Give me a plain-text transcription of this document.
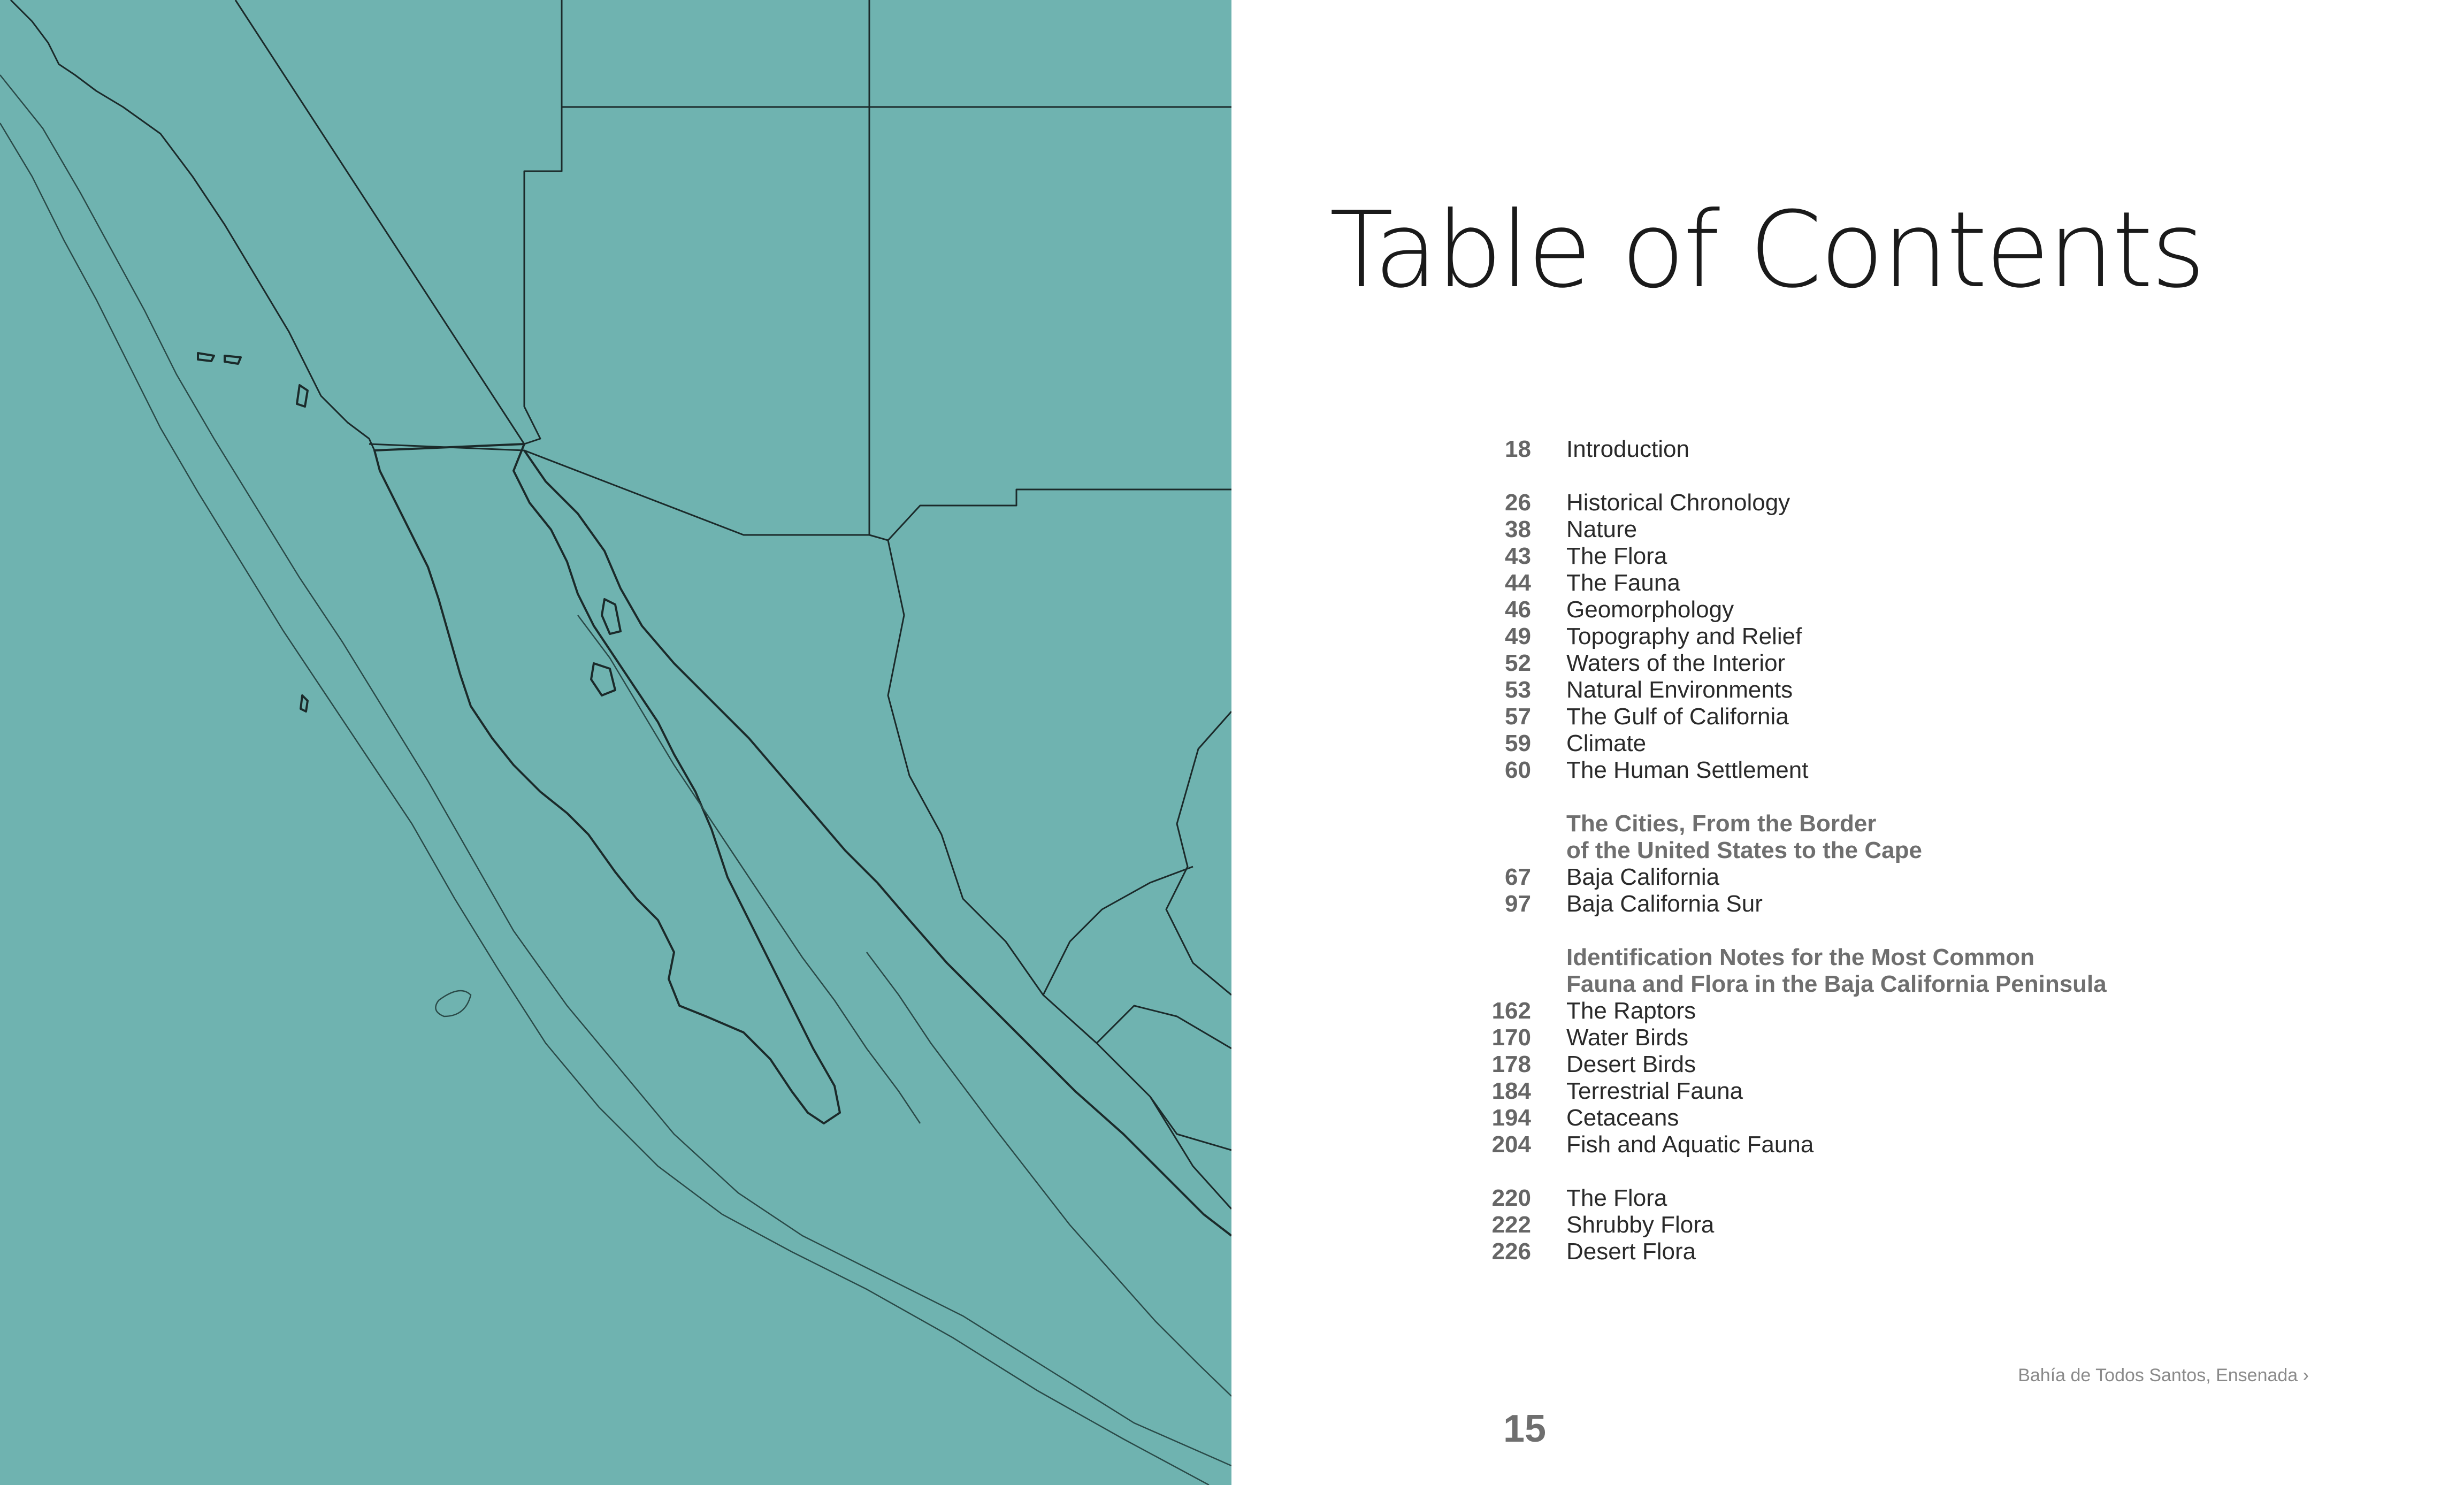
Table of Contents
18 Introduction
26 Historical Chronology
38 Nature
43 The Flora
44 The Fauna
46 Geomorphology
49 Topography and Relief
52 Waters of the Interior
53 Natural Environments
57 The Gulf of California
59 Climate
60 The Human Settlement
The Cities, From the Border
of the United States to the Cape
67 Baja California
97 Baja California Sur
Identification Notes for the Most Common
Fauna and Flora in the Baja California Peninsula
162 The Raptors
170 Water Birds
178 Desert Birds
184 Terrestrial Fauna
194 Cetaceans
204 Fish and Aquatic Fauna
220 The Flora
222 Shrubby Flora
226 Desert Flora
Bahía de Todos Santos, Ensenada ›
15
